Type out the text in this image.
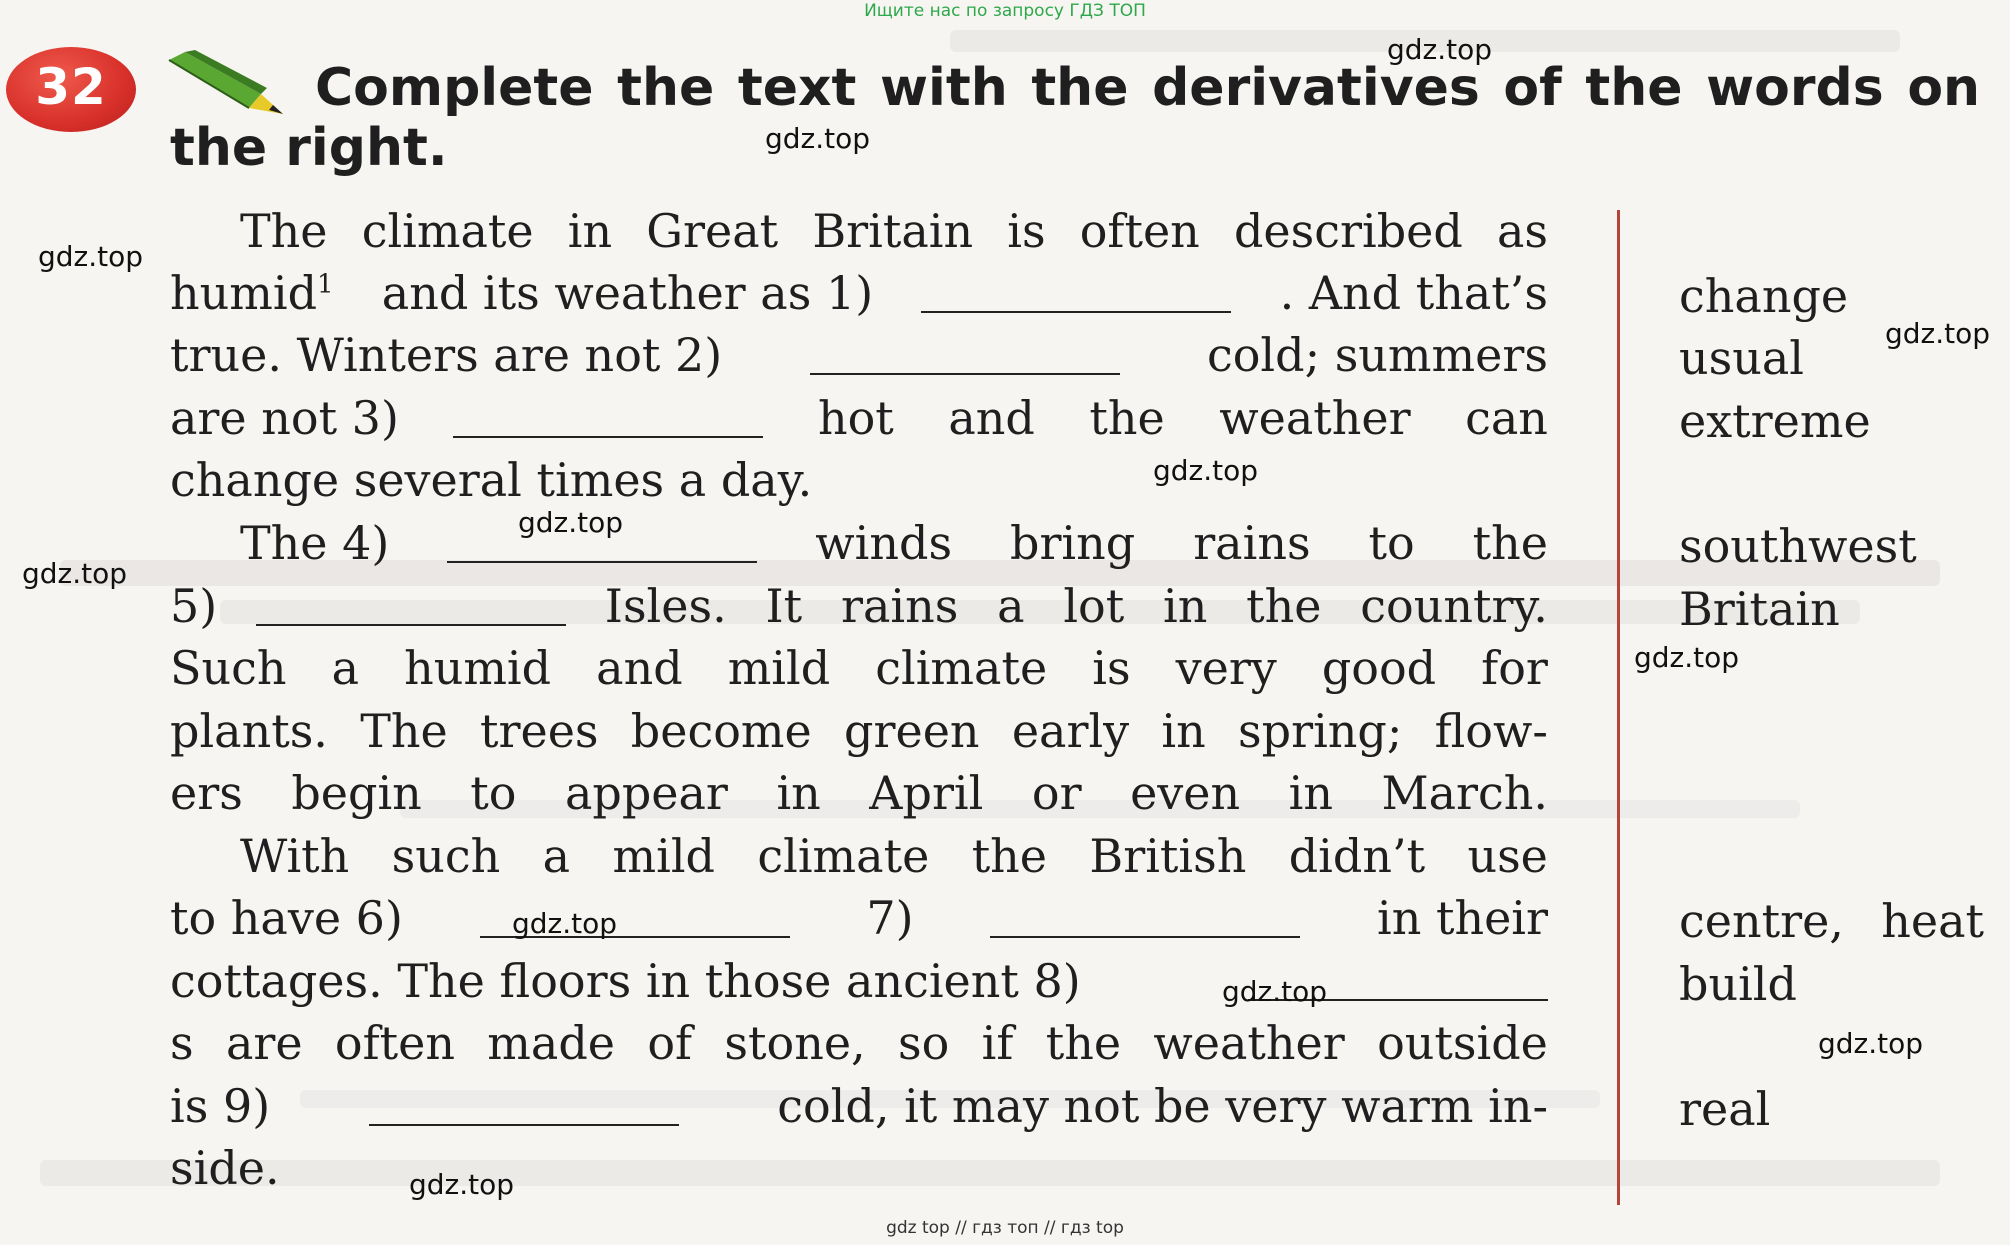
Ищите нас по запросу ГДЗ ТОП
32	Complete the text with the derivatives of the words on
the right.
The climate in Great Britain is often described as
humid$^1$ and its weather as 1)	. And that’s
true. Winters are not 2)	cold; summers
are not 3)	hot and the weather can
change several times a day.
The 4)	winds bring rains to the
5)	Isles. It rains a lot in the country.
Such a humid and mild climate is very good for
plants. The trees become green early in spring; flow-
ers begin to appear in April or even in March.
With such a mild climate the British didn’t use
to have 6)	7)	in their
cottages. The floors in those ancient 8)
s are often made of stone, so if the weather outside
is 9)	cold, it may not be very warm in-
side.
change
usual
extreme
southwest
Britain
centre, heat
build
real
gdz.top
gdz.top
gdz.top
gdz.top
gdz.top
gdz.top
gdz.top
gdz.top
gdz.top
gdz.top
gdz.top
gdz.top
gdz top // гдз топ // гдз top
